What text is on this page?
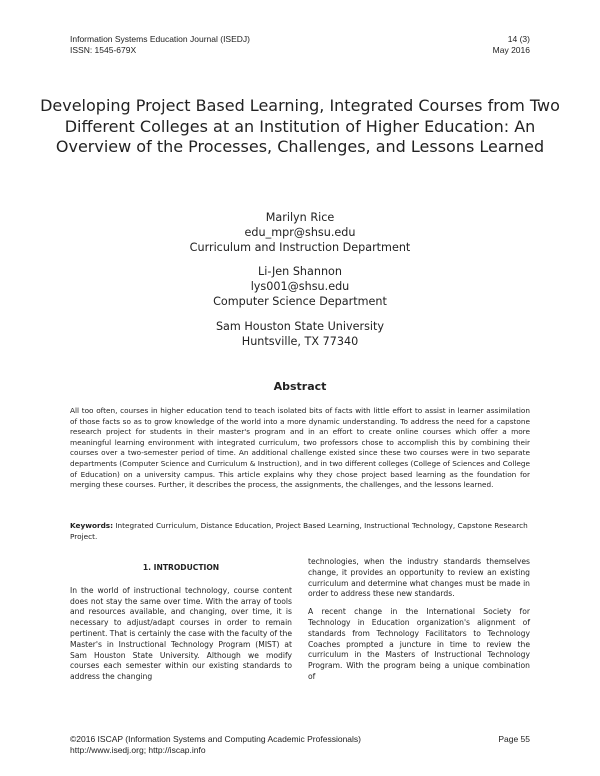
Information Systems Education Journal (ISEDJ)
ISSN: 1545-679X
14 (3)
May 2016
Developing Project Based Learning, Integrated Courses from Two Different Colleges at an Institution of Higher Education: An Overview of the Processes, Challenges, and Lessons Learned
Marilyn Rice
edu_mpr@shsu.edu
Curriculum and Instruction Department
Li-Jen Shannon
lys001@shsu.edu
Computer Science Department
Sam Houston State University
Huntsville, TX 77340
Abstract
All too often, courses in higher education tend to teach isolated bits of facts with little effort to assist in learner assimilation of those facts so as to grow knowledge of the world into a more dynamic understanding. To address the need for a capstone research project for students in their master's program and in an effort to create online courses which offer a more meaningful learning environment with integrated curriculum, two professors chose to accomplish this by combining their courses over a two-semester period of time. An additional challenge existed since these two courses were in two separate departments (Computer Science and Curriculum & Instruction), and in two different colleges (College of Sciences and College of Education) on a university campus. This article explains why they chose project based learning as the foundation for merging these courses. Further, it describes the process, the assignments, the challenges, and the lessons learned.
Keywords: Integrated Curriculum, Distance Education, Project Based Learning, Instructional Technology, Capstone Research Project.
1. INTRODUCTION

In the world of instructional technology, course content does not stay the same over time. With the array of tools and resources available, and changing, over time, it is necessary to adjust/adapt courses in order to remain pertinent. That is certainly the case with the faculty of the Master's in Instructional Technology Program (MIST) at Sam Houston State University. Although we modify courses each semester within our existing standards to address the changing

technologies, when the industry standards themselves change, it provides an opportunity to review an existing curriculum and determine what changes must be made in order to address these new standards.

A recent change in the International Society for Technology in Education organization's alignment of standards from Technology Facilitators to Technology Coaches prompted a juncture in time to review the curriculum in the Masters of Instructional Technology Program. With the program being a unique combination of

©2016 ISCAP (Information Systems and Computing Academic Professionals)
http://www.isedj.org; http://iscap.info
Page 55
